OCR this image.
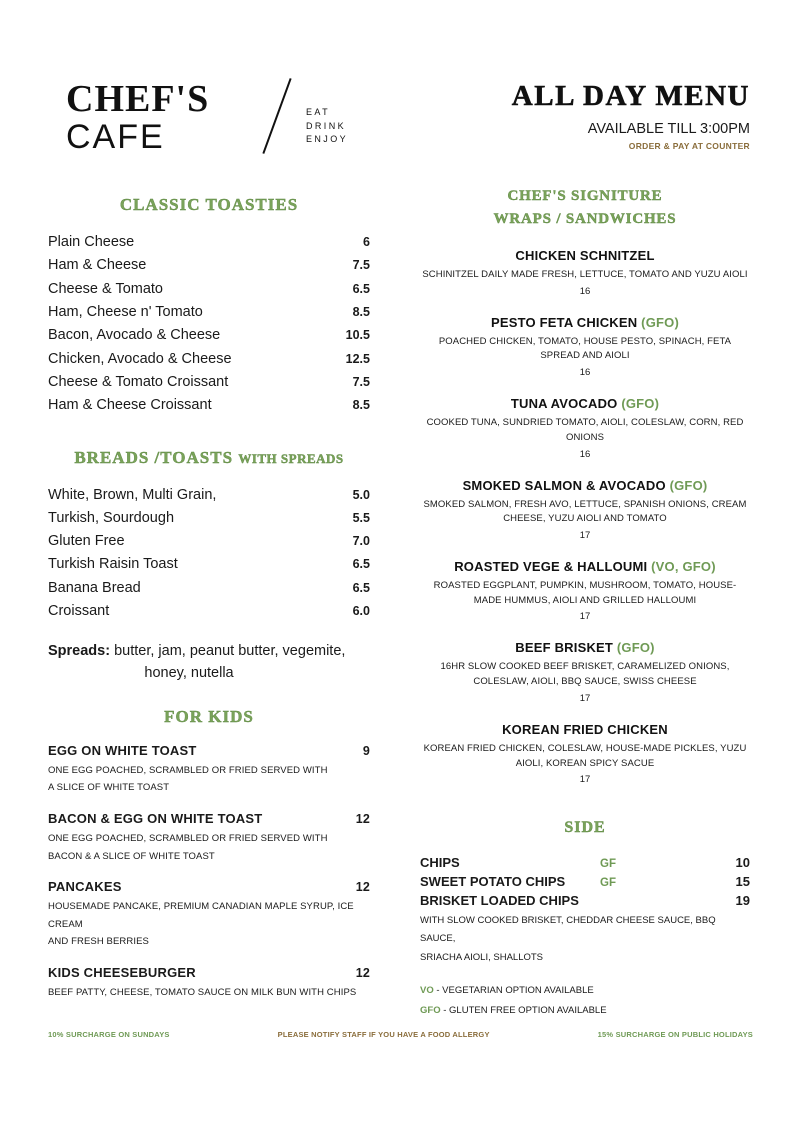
CHEF'S
CAFE
EAT
DRINK
ENJOY
CLASSIC TOASTIES
Plain Cheese	6
Ham & Cheese	7.5
Cheese & Tomato	6.5
Ham, Cheese n' Tomato	8.5
Bacon, Avocado & Cheese	10.5
Chicken, Avocado & Cheese	12.5
Cheese & Tomato Croissant	7.5
Ham & Cheese Croissant	8.5
BREADS /TOASTS WITH SPREADS
White, Brown, Multi Grain,	5.0
Turkish, Sourdough	5.5
Gluten Free	7.0
Turkish Raisin Toast	6.5
Banana Bread	6.5
Croissant	6.0
Spreads: butter, jam, peanut butter, vegemite,
honey, nutella
FOR KIDS
EGG ON WHITE TOAST	9
ONE EGG POACHED, SCRAMBLED OR FRIED SERVED WITH
A SLICE OF WHITE TOAST
BACON & EGG ON WHITE TOAST	12
ONE EGG POACHED, SCRAMBLED OR FRIED SERVED WITH
BACON & A SLICE OF WHITE TOAST
PANCAKES	12
HOUSEMADE PANCAKE, PREMIUM CANADIAN MAPLE SYRUP, ICE CREAM
AND FRESH BERRIES
KIDS CHEESEBURGER	12
BEEF PATTY, CHEESE, TOMATO SAUCE ON MILK BUN WITH CHIPS
ALL DAY MENU
AVAILABLE TILL 3:00PM
ORDER & PAY AT COUNTER
CHEF'S SIGNITURE
WRAPS / SANDWICHES
CHICKEN SCHNITZEL
SCHINITZEL DAILY MADE FRESH, LETTUCE, TOMATO AND YUZU AIOLI
16
PESTO FETA CHICKEN (GFO)
POACHED CHICKEN, TOMATO, HOUSE PESTO, SPINACH, FETA SPREAD AND AIOLI
16
TUNA AVOCADO (GFO)
COOKED TUNA, SUNDRIED TOMATO, AIOLI, COLESLAW, CORN, RED ONIONS
16
SMOKED SALMON & AVOCADO (GFO)
SMOKED SALMON, FRESH AVO, LETTUCE, SPANISH ONIONS, CREAM CHEESE, YUZU AIOLI AND TOMATO
17
ROASTED VEGE & HALLOUMI (VO, GFO)
ROASTED EGGPLANT, PUMPKIN, MUSHROOM, TOMATO, HOUSE-MADE HUMMUS, AIOLI AND GRILLED HALLOUMI
17
BEEF BRISKET (GFO)
16HR SLOW COOKED BEEF BRISKET, CARAMELIZED ONIONS, COLESLAW, AIOLI, BBQ SAUCE, SWISS CHEESE
17
KOREAN FRIED CHICKEN
KOREAN FRIED CHICKEN, COLESLAW, HOUSE-MADE PICKLES, YUZU AIOLI, KOREAN SPICY SACUE
17
SIDE
CHIPS	GF	10
SWEET POTATO CHIPS	GF	15
BRISKET LOADED CHIPS	19
WITH SLOW COOKED BRISKET, CHEDDAR CHEESE SAUCE, BBQ SAUCE,
SRIACHA AIOLI, SHALLOTS
VO - VEGETARIAN OPTION AVAILABLE
GFO - GLUTEN FREE OPTION AVAILABLE
10% SURCHARGE ON SUNDAYS	PLEASE NOTIFY STAFF IF YOU HAVE A FOOD ALLERGY	15% SURCHARGE ON PUBLIC HOLIDAYS
